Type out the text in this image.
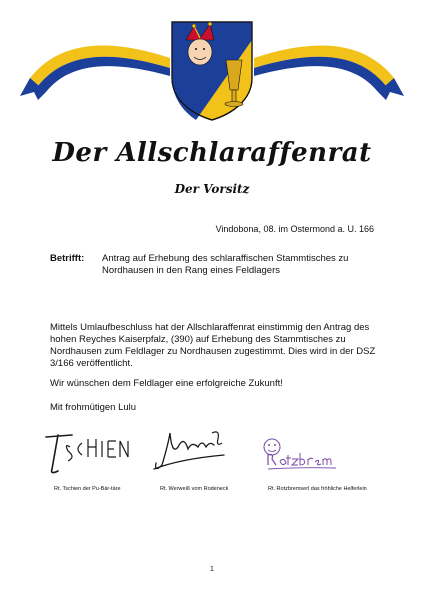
Der Allschlaraffenrat
Der Vorsitz
Vindobona, 08. im Ostermond a. U. 166
Betrifft: Antrag auf Erhebung des schlaraffischen Stammtisches zu Nordhausen in den Rang eines Feldlagers
Mittels Umlaufbeschluss hat der Allschlaraffenrat einstimmig den Antrag des hohen Reyches Kaiserpfalz, (390) auf Erhebung des Stammtisches zu Nordhausen zum Feldlager zu Nordhausen zugestimmt. Dies wird in der DSZ 3/166 veröffentlicht.
Wir wünschen dem Feldlager eine erfolgreiche Zukunft!
Mit frohmütigen Lulu
Rt. Tschien der Pu-Bär-täre	Rt. Werweiß vom Rodeneck	Rt. Rotzbremserl das fröhliche Helferlein
1
